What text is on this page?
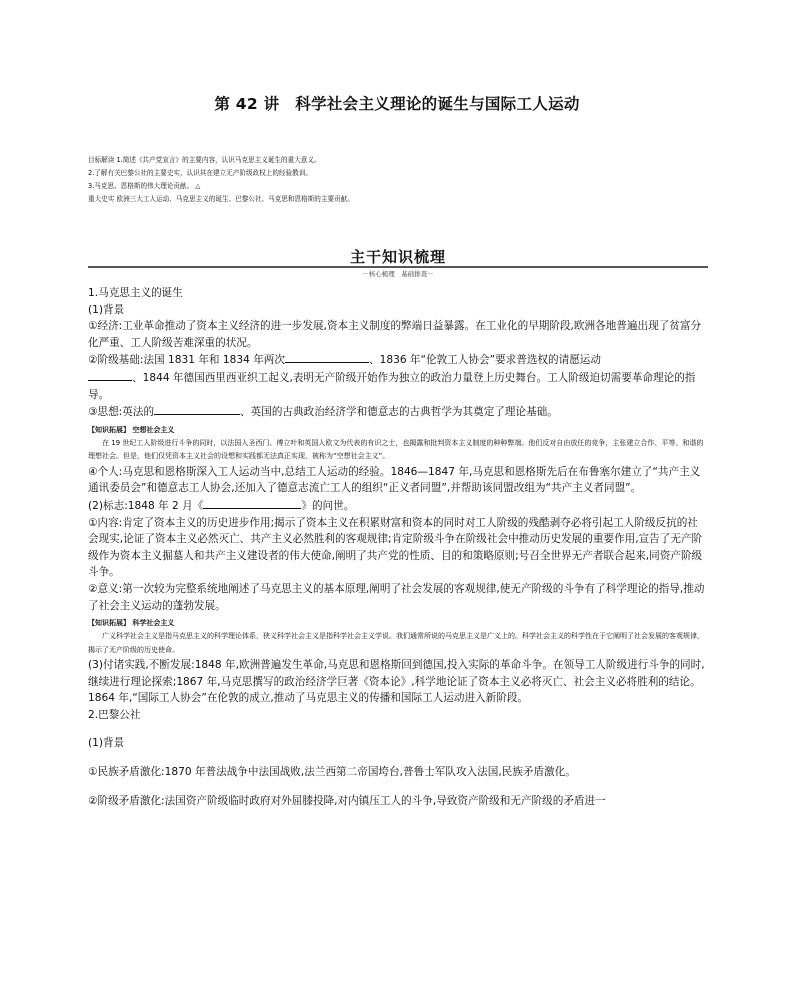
第 42 讲　科学社会主义理论的诞生与国际工人运动
目标解读 1.简述《共产党宣言》的主要内容，认识马克思主义诞生的重大意义。
2.了解有关巴黎公社的主要史实，认识其在建立无产阶级政权上的经验教训。
3.马克思、恩格斯的伟大理论贡献。 △
重大史实 欧洲三大工人运动、马克思主义的诞生、巴黎公社、马克思和恩格斯的主要贡献。
主干知识梳理
－核心梳理　基础排查－

1.马克思主义的诞生

(1)背景

①经济:工业革命推动了资本主义经济的进一步发展,资本主义制度的弊端日益暴露。在工业化的早期阶段,欧洲各地普遍出现了贫富分化严重、工人阶级苦难深重的状况。

②阶级基础:法国 1831 年和 1834 年两次	、1836 年“伦敦工人协会”要求普选权的请愿运动
、1844 年德国西里西亚织工起义,表明无产阶级开始作为独立的政治力量登上历史舞台。工人阶级迫切需要革命理论的指导。

③思想:英法的	、英国的古典政治经济学和德意志的古典哲学为其奠定了理论基础。

【知识拓展】 空想社会主义

在 19 世纪工人阶级进行斗争的同时，以法国人圣西门、傅立叶和英国人欧文为代表的有识之士，也揭露和批判资本主义制度的种种弊端。他们反对自由放任的竞争，主张建立合作、平等、和谐的理想社会。但是，他们仅凭资本主义社会的设想和实践都无法真正实现，被称为“空想社会主义”。

④个人:马克思和恩格斯深入工人运动当中,总结工人运动的经验。1846—1847 年,马克思和恩格斯先后在布鲁塞尔建立了“共产主义通讯委员会”和德意志工人协会,还加入了德意志流亡工人的组织“正义者同盟”,并帮助该同盟改组为“共产主义者同盟”。

(2)标志:1848 年 2 月《	》的问世。

①内容:肯定了资本主义的历史进步作用;揭示了资本主义在积累财富和资本的同时对工人阶级的残酷剥夺必将引起工人阶级反抗的社会现实,论证了资本主义必然灭亡、共产主义必然胜利的客观规律;肯定阶级斗争在阶级社会中推动历史发展的重要作用,宣告了无产阶级作为资本主义掘墓人和共产主义建设者的伟大使命,阐明了共产党的性质、目的和策略原则;号召全世界无产者联合起来,同资产阶级斗争。

②意义:第一次较为完整系统地阐述了马克思主义的基本原理,阐明了社会发展的客观规律,使无产阶级的斗争有了科学理论的指导,推动了社会主义运动的蓬勃发展。

【知识拓展】 科学社会主义

广义科学社会主义是指马克思主义的科学理论体系，狭义科学社会主义是指科学社会主义学说。我们通常所说的马克思主义是广义上的。科学社会主义的科学性在于它阐明了社会发展的客观规律，揭示了无产阶级的历史使命。

(3)付诸实践,不断发展:1848 年,欧洲普遍发生革命,马克思和恩格斯回到德国,投入实际的革命斗争。在领导工人阶级进行斗争的同时,继续进行理论探索;1867 年,马克思撰写的政治经济学巨著《资本论》,科学地论证了资本主义必将灭亡、社会主义必将胜利的结论。1864 年,“国际工人协会”在伦敦的成立,推动了马克思主义的传播和国际工人运动进入新阶段。

2.巴黎公社

(1)背景

①民族矛盾激化:1870 年普法战争中法国战败,法兰西第二帝国垮台,普鲁士军队攻入法国,民族矛盾激化。

②阶级矛盾激化:法国资产阶级临时政府对外屈膝投降,对内镇压工人的斗争,导致资产阶级和无产阶级的矛盾进一
